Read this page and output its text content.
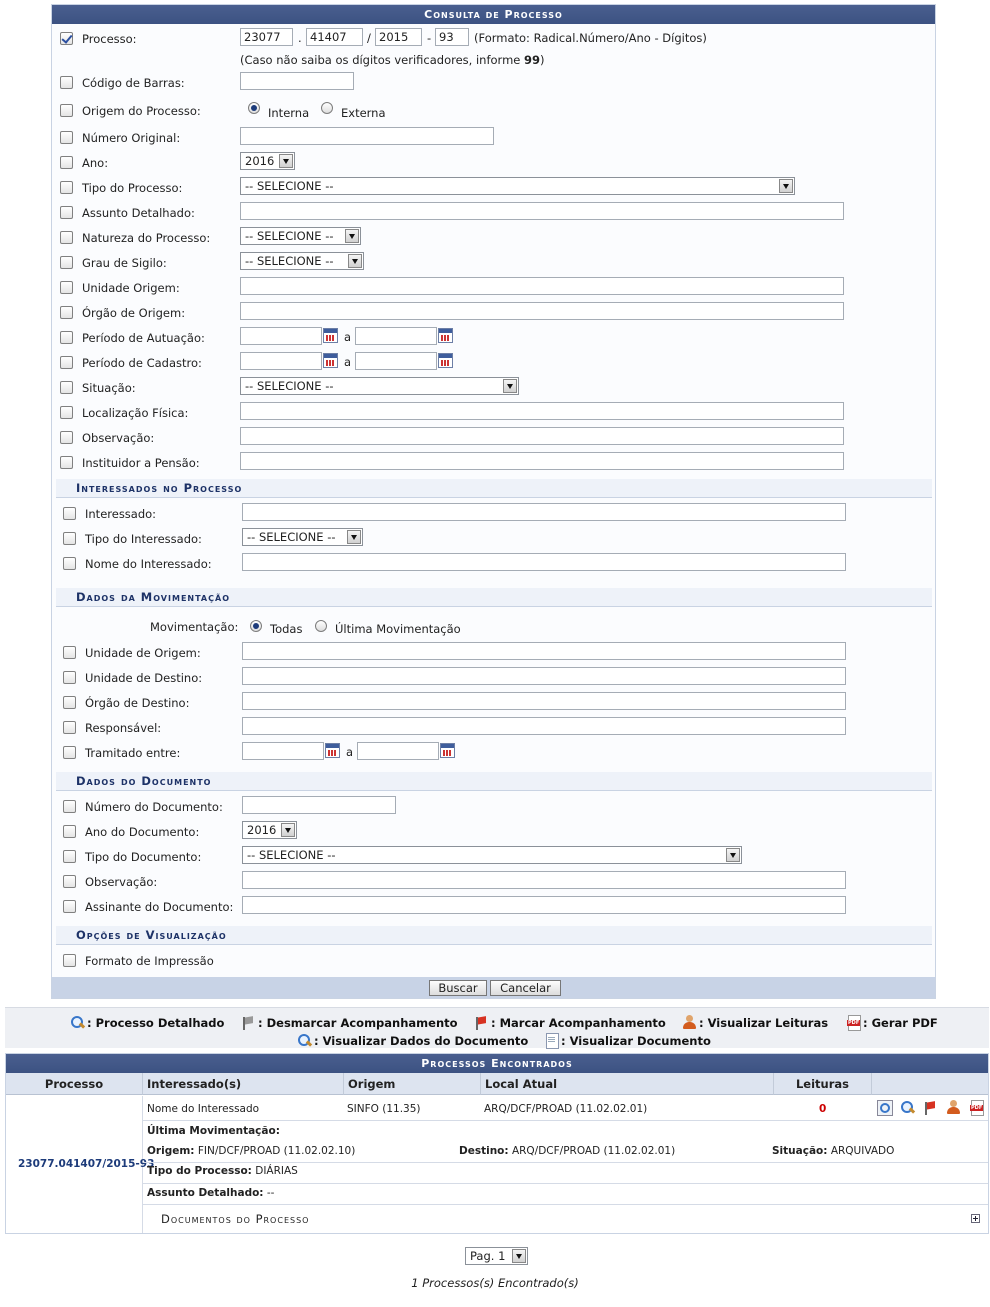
Consulta de Processo
Processo:	23077	. 41407	/ 2015	- 93	(Formato: Radical.Número/Ano - Dígitos)
(Caso não saiba os dígitos verificadores, informe 99)
Código de Barras:
Origem do Processo:	Interna	Externa
Número Original:
Ano:	2016
Tipo do Processo:	-- SELECIONE --
Assunto Detalhado:
Natureza do Processo:	-- SELECIONE --
Grau de Sigilo:	-- SELECIONE --
Unidade Origem:
Órgão de Origem:
Período de Autuação:	a
Período de Cadastro:	a
Situação:	-- SELECIONE --
Localização Física:
Observação:
Instituidor a Pensão:
Interessados no Processo
Interessado:
Tipo do Interessado:	-- SELECIONE --
Nome do Interessado:
Dados da Movimentação
Movimentação:	Todas	Última Movimentação
Unidade de Origem:
Unidade de Destino:
Órgão de Destino:
Responsável:
Tramitado entre:	a
Dados do Documento
Número do Documento:
Ano do Documento:	2016
Tipo do Documento:	-- SELECIONE --
Observação:
Assinante do Documento:
Opções de Visualização
Formato de Impressão
Buscar	Cancelar
: Processo Detalhado	: Desmarcar Acompanhamento	: Marcar Acompanhamento	: Visualizar Leituras
PDF	: Gerar PDF
: Visualizar Dados do Documento	: Visualizar Documento
Processos Encontrados
Processo	Interessado(s)	Origem	Local Atual	Leituras
23077.041407/2015-93
Nome do Interessado	SINFO (11.35)	ARQ/DCF/PROAD (11.02.02.01)	0
PDF
Última Movimentação:
Origem: FIN/DCF/PROAD (11.02.02.10)	Destino: ARQ/DCF/PROAD (11.02.02.01)	Situação: ARQUIVADO
Tipo do Processo: DIÁRIAS
Assunto Detalhado: --
Documentos do Processo
Pag. 1
1 Processos(s) Encontrado(s)
